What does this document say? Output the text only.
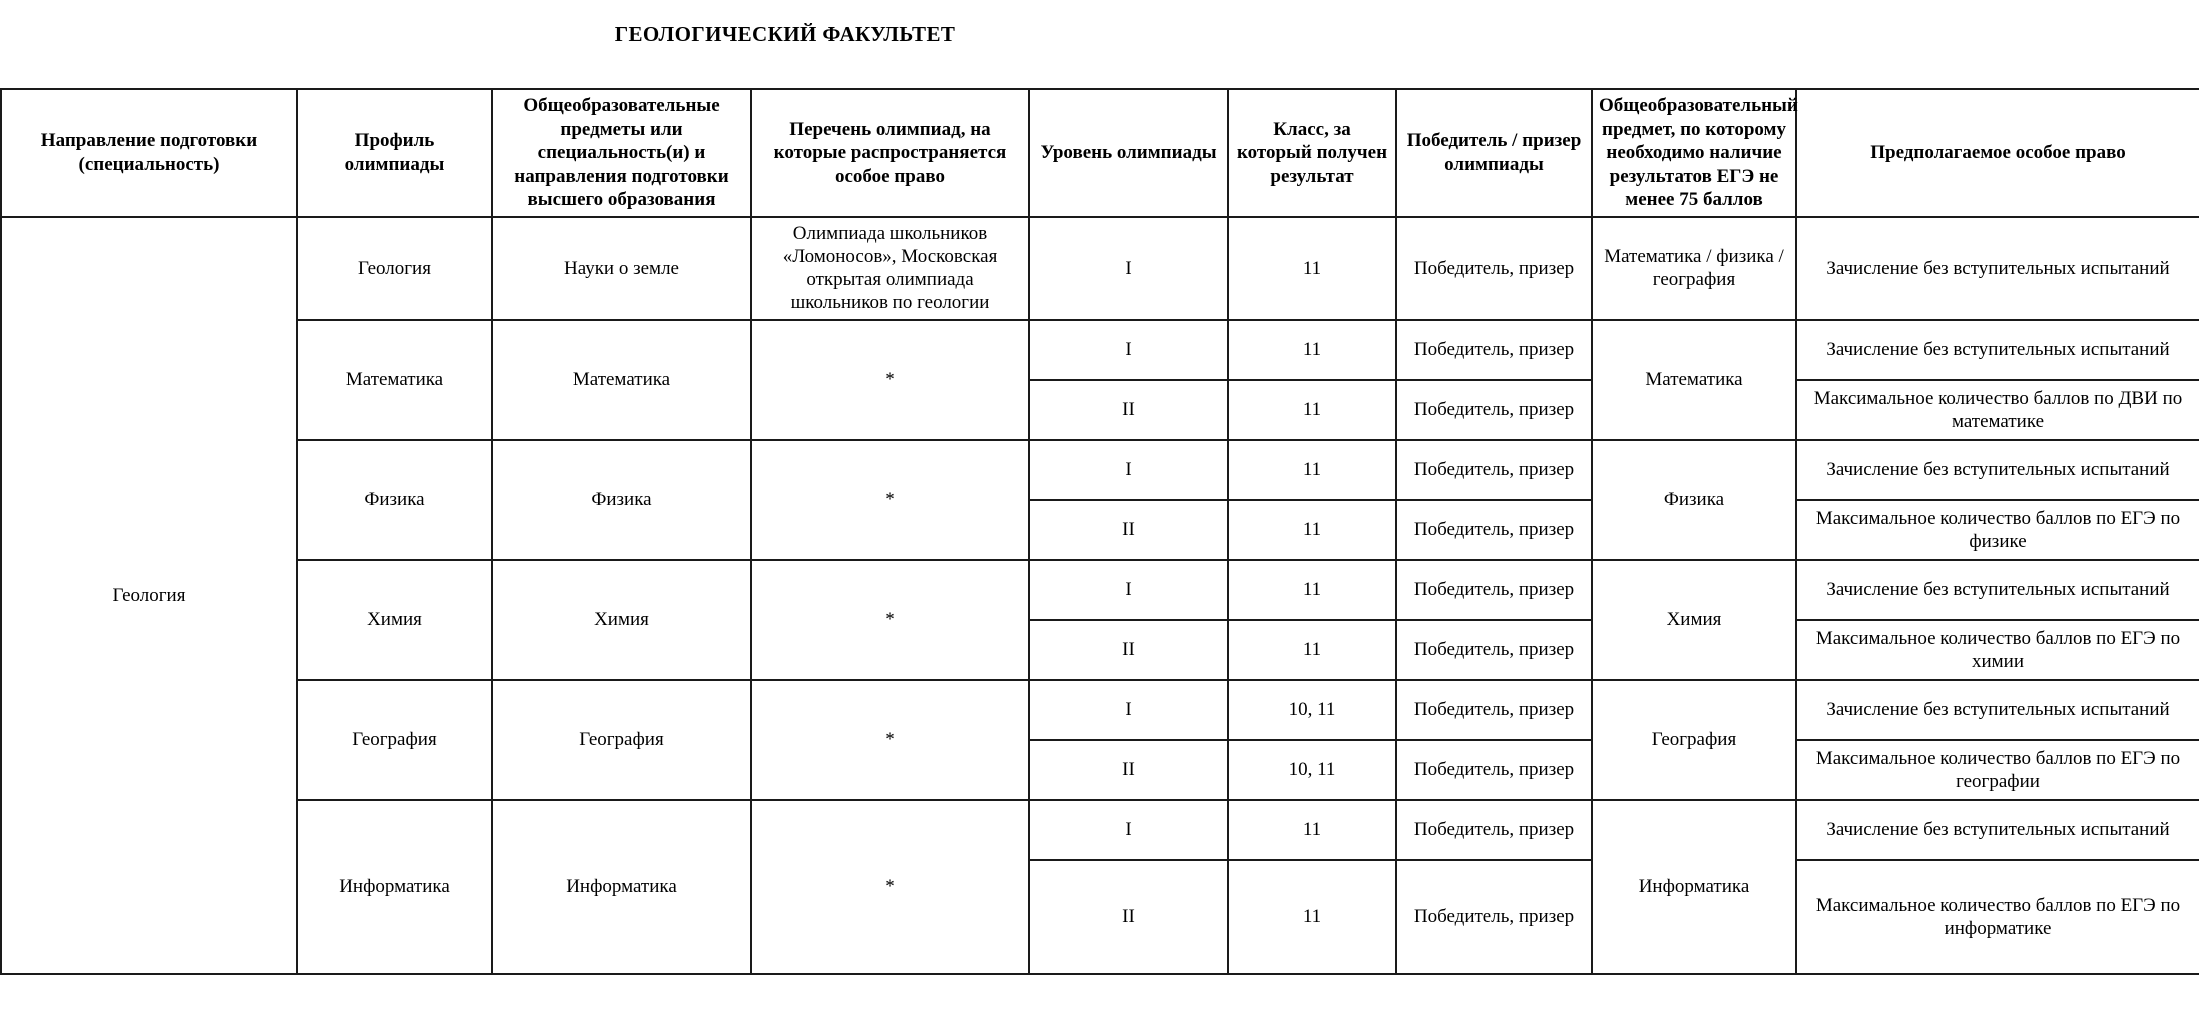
ГЕОЛОГИЧЕСКИЙ ФАКУЛЬТЕТ
Направление подготовки (специальность)	Профиль олимпиады	Общеобразовательные предметы или специальность(и) и направления подготовки высшего образования	Перечень олимпиад, на которые распространяется особое право	Уровень олимпиады	Класс, за который получен результат	Победитель / призер олимпиады	Общеобразовательный предмет, по которому необходимо наличие результатов ЕГЭ не менее 75 баллов	Предполагаемое особое право
Геология	Геология	Науки о земле	Олимпиада школьников «Ломоносов», Московская открытая олимпиада школьников по геологии	I	11	Победитель, призер	Математика / физика / география	Зачисление без вступительных испытаний
	Математика	Математика	*	I	11	Победитель, призер	Математика	Зачисление без вступительных испытаний
				II	11	Победитель, призер		Максимальное количество баллов по ДВИ по математике
	Физика	Физика	*	I	11	Победитель, призер	Физика	Зачисление без вступительных испытаний
				II	11	Победитель, призер		Максимальное количество баллов по ЕГЭ по физике
	Химия	Химия	*	I	11	Победитель, призер	Химия	Зачисление без вступительных испытаний
				II	11	Победитель, призер		Максимальное количество баллов по ЕГЭ по химии
	География	География	*	I	10, 11	Победитель, призер	География	Зачисление без вступительных испытаний
				II	10, 11	Победитель, призер		Максимальное количество баллов по ЕГЭ по географии
	Информатика	Информатика	*	I	11	Победитель, призер	Информатика	Зачисление без вступительных испытаний
				II	11	Победитель, призер		Максимальное количество баллов по ЕГЭ по информатике
